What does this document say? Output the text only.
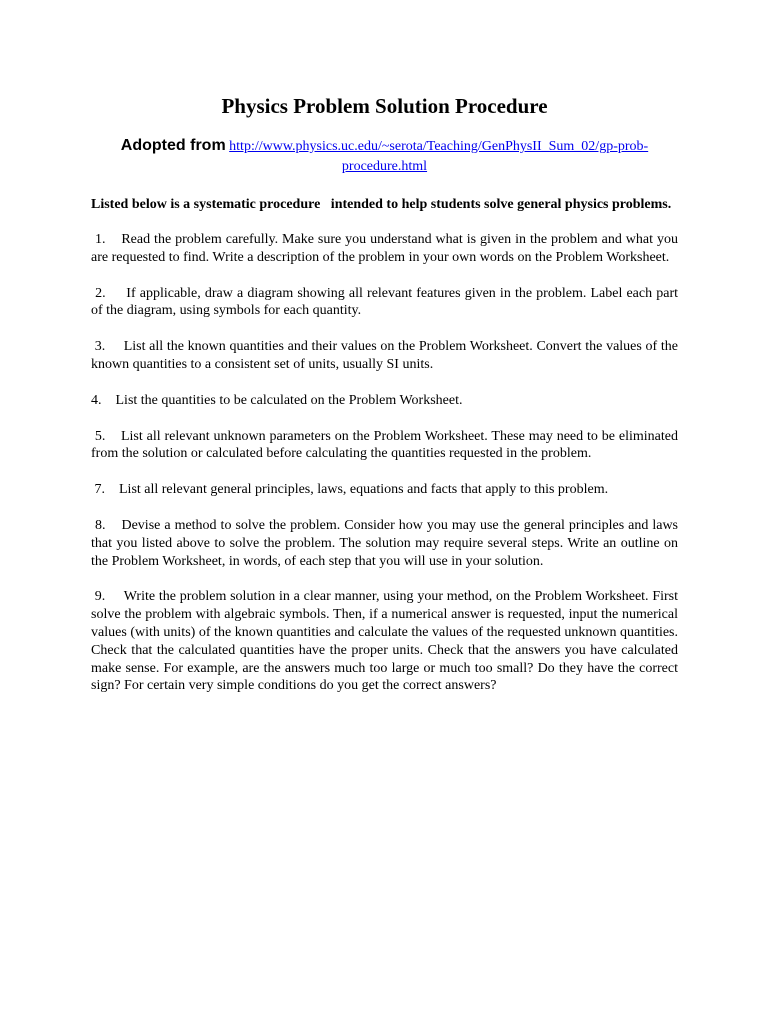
Physics Problem Solution Procedure
Adopted from http://www.physics.uc.edu/~serota/Teaching/GenPhysII_Sum_02/gp-prob-procedure.html

Listed below is a systematic procedure   intended to help students solve general physics problems.

1.    Read the problem carefully. Make sure you understand what is given in the problem and what you are requested to find. Write a description of the problem in your own words on the Problem Worksheet.

2.     If applicable, draw a diagram showing all relevant features given in the problem. Label each part of the diagram, using symbols for each quantity.

3.     List all the known quantities and their values on the Problem Worksheet. Convert the values of the known quantities to a consistent set of units, usually SI units.

4.    List the quantities to be calculated on the Problem Worksheet.

5.    List all relevant unknown parameters on the Problem Worksheet. These may need to be eliminated from the solution or calculated before calculating the quantities requested in the problem.

7.    List all relevant general principles, laws, equations and facts that apply to this problem.

8.    Devise a method to solve the problem. Consider how you may use the general principles and laws that you listed above to solve the problem. The solution may require several steps. Write an outline on the Problem Worksheet, in words, of each step that you will use in your solution.

9.     Write the problem solution in a clear manner, using your method, on the Problem Worksheet. First solve the problem with algebraic symbols. Then, if a numerical answer is requested, input the numerical values (with units) of the known quantities and calculate the values of the requested unknown quantities. Check that the calculated quantities have the proper units. Check that the answers you have calculated make sense. For example, are the answers much too large or much too small? Do they have the correct sign? For certain very simple conditions do you get the correct answers?
